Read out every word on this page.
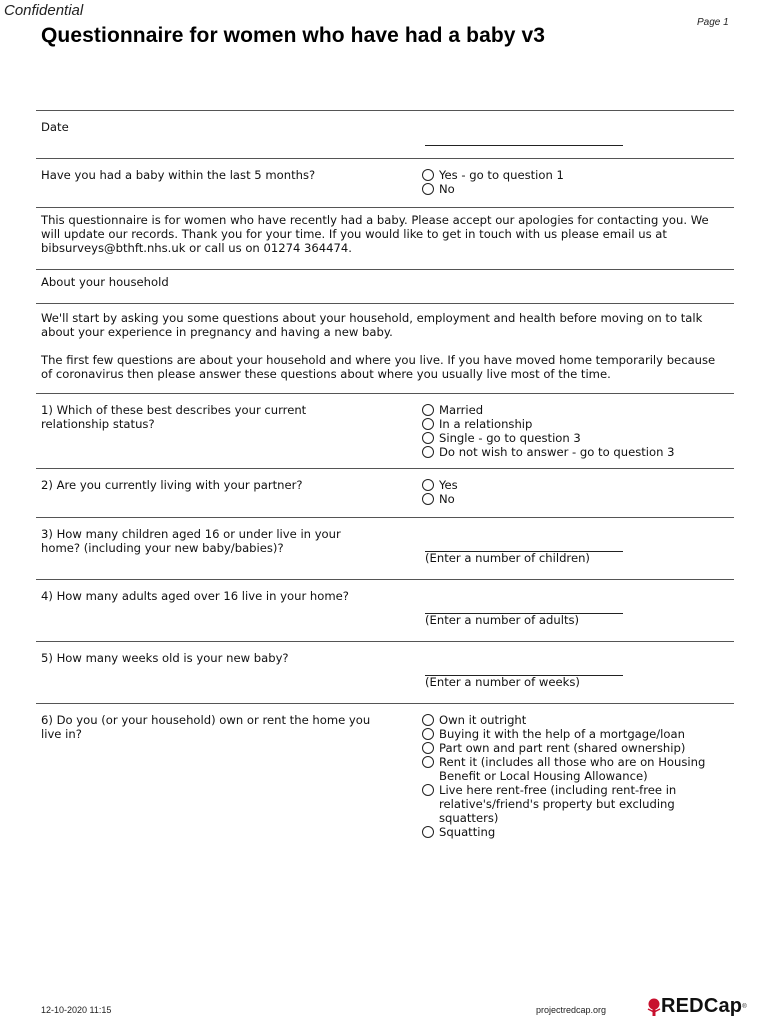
Confidential
Page 1
Questionnaire for women who have had a baby v3
Date
Have you had a baby within the last 5 months?	Yes - go to question 1
No
This questionnaire is for women who have recently had a baby. Please accept our apologies for contacting you. We will update our records. Thank you for your time. If you would like to get in touch with us please email us at bibsurveys@bthft.nhs.uk or call us on 01274 364474.
About your household

We'll start by asking you some questions about your household, employment and health before moving on to talk about your experience in pregnancy and having a new baby.

The first few questions are about your household and where you live. If you have moved home temporarily because of coronavirus then please answer these questions about where you usually live most of the time.

1) Which of these best describes your current relationship status?
Married
In a relationship
Single - go to question 3
Do not wish to answer - go to question 3
2) Are you currently living with your partner?	Yes
No
3) How many children aged 16 or under live in your home? (including your new baby/babies)?
(Enter a number of children)
4) How many adults aged over 16 live in your home?
(Enter a number of adults)
5) How many weeks old is your new baby?
(Enter a number of weeks)
6) Do you (or your household) own or rent the home you live in?
Own it outright
Buying it with the help of a mortgage/loan
Part own and part rent (shared ownership)
Rent it (includes all those who are on Housing Benefit or Local Housing Allowance)
Live here rent-free (including rent-free in relative's/friend's property but excluding squatters)
Squatting
12-10-2020 11:15	projectredcap.org	REDCap ®
